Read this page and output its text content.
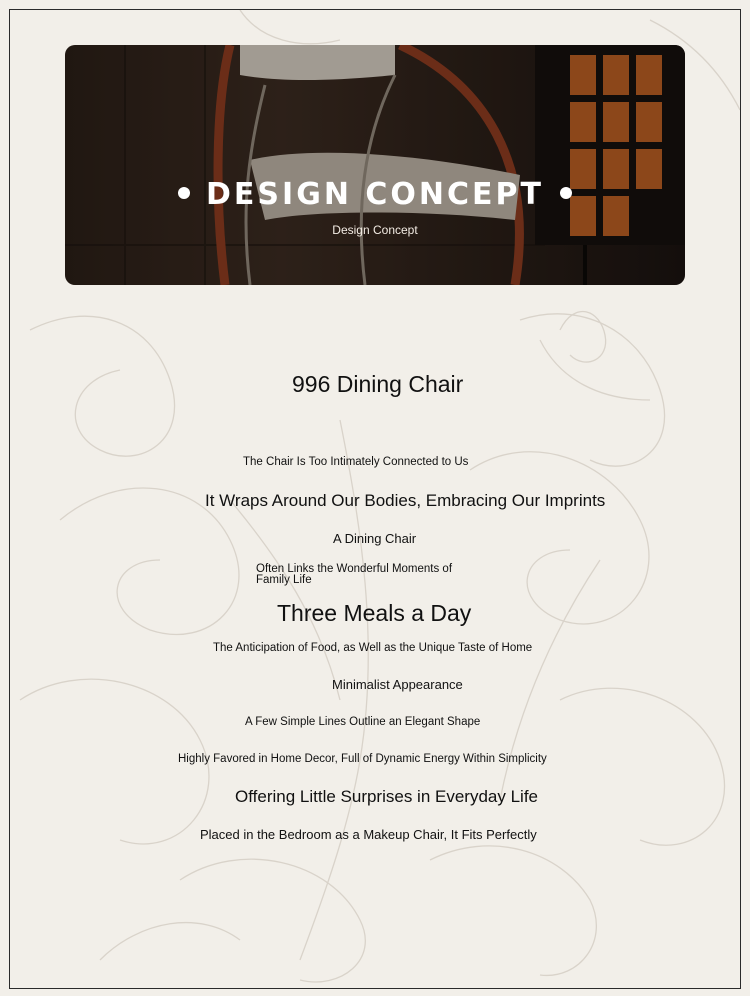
DESIGN CONCEPT
Design Concept
996 Dining Chair
The Chair Is Too Intimately Connected to Us
It Wraps Around Our Bodies, Embracing Our Imprints
A Dining Chair
Often Links the Wonderful Moments of
Family Life
Three Meals a Day
The Anticipation of Food, as Well as the Unique Taste of Home
Minimalist Appearance
A Few Simple Lines Outline an Elegant Shape
Highly Favored in Home Decor, Full of Dynamic Energy Within Simplicity
Offering Little Surprises in Everyday Life
Placed in the Bedroom as a Makeup Chair, It Fits Perfectly
